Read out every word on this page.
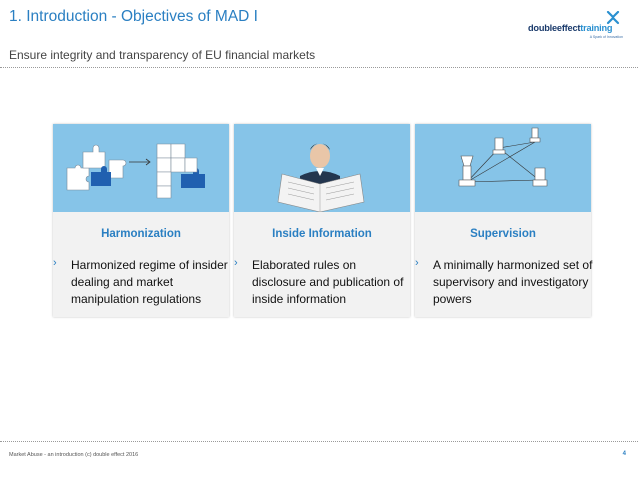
1. Introduction - Objectives of MAD I
doubleeffecttraining
A Spark of Innovation
Ensure integrity and transparency of EU financial markets
Harmonization
› Harmonized regime of insider dealing and market manipulation regulations
Inside Information
› Elaborated rules on disclosure and publication of inside information
Supervision
› A minimally harmonized set of supervisory and investigatory powers
Market Abuse - an introduction (c) double effect 2016	4
